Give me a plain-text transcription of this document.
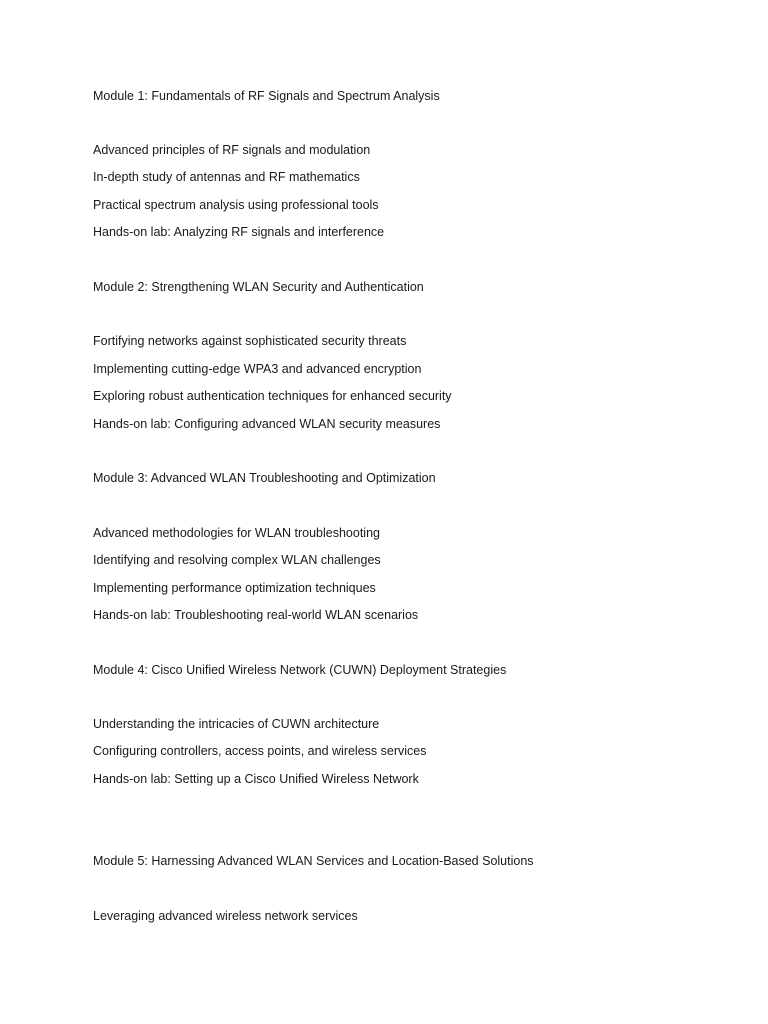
Module 1: Fundamentals of RF Signals and Spectrum Analysis
Advanced principles of RF signals and modulation
In-depth study of antennas and RF mathematics
Practical spectrum analysis using professional tools
Hands-on lab: Analyzing RF signals and interference
Module 2: Strengthening WLAN Security and Authentication
Fortifying networks against sophisticated security threats
Implementing cutting-edge WPA3 and advanced encryption
Exploring robust authentication techniques for enhanced security
Hands-on lab: Configuring advanced WLAN security measures
Module 3: Advanced WLAN Troubleshooting and Optimization
Advanced methodologies for WLAN troubleshooting
Identifying and resolving complex WLAN challenges
Implementing performance optimization techniques
Hands-on lab: Troubleshooting real-world WLAN scenarios
Module 4: Cisco Unified Wireless Network (CUWN) Deployment Strategies
Understanding the intricacies of CUWN architecture
Configuring controllers, access points, and wireless services
Hands-on lab: Setting up a Cisco Unified Wireless Network
Module 5: Harnessing Advanced WLAN Services and Location-Based Solutions
Leveraging advanced wireless network services
